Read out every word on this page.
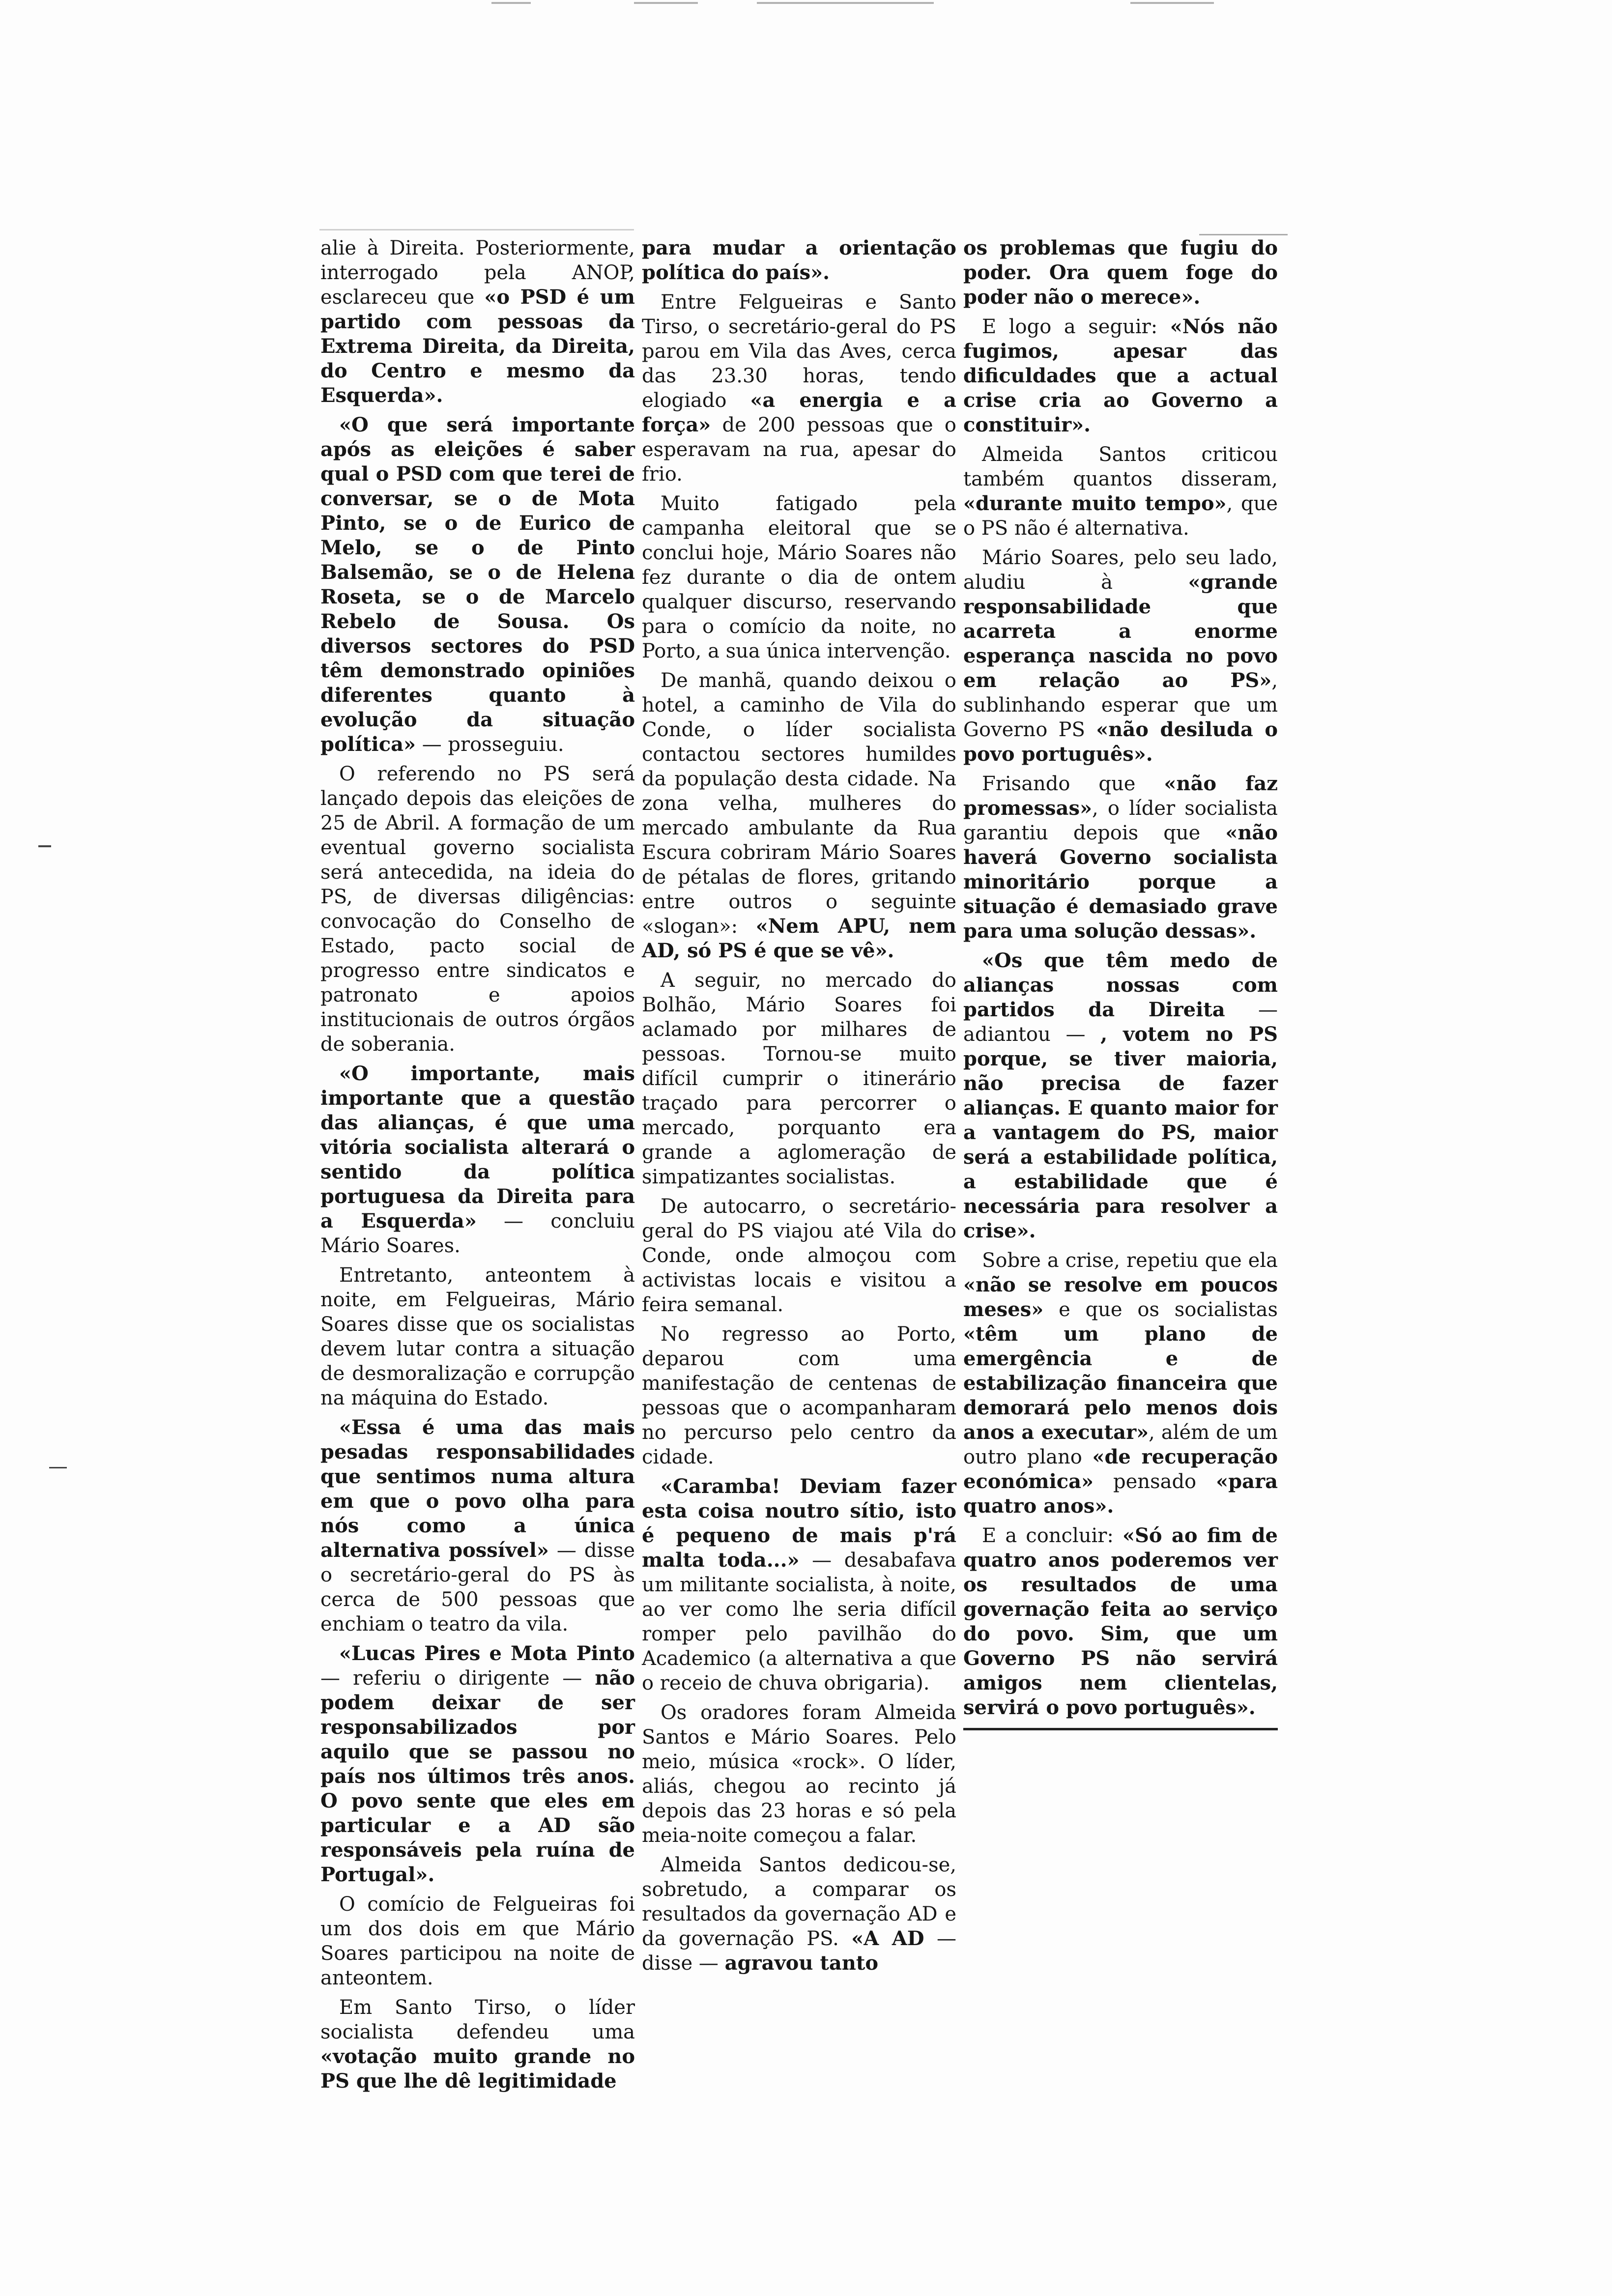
alie à Direita. Posteriormente, interrogado pela ANOP, esclareceu que «o PSD é um partido com pessoas da Extrema Direita, da Direita, do Centro e mesmo da Esquerda».

«O que será importante após as eleições é saber qual o PSD com que terei de conversar, se o de Mota Pinto, se o de Eurico de Melo, se o de Pinto Balsemão, se o de Helena Roseta, se o de Marcelo Rebelo de Sousa. Os diversos sectores do PSD têm demonstrado opiniões diferentes quanto à evolução da situação política» — prosseguiu.

O referendo no PS será lançado depois das eleições de 25 de Abril. A formação de um eventual governo socialista será antecedida, na ideia do PS, de diversas diligências: convocação do Conselho de Estado, pacto social de progresso entre sindicatos e patronato e apoios institucionais de outros órgãos de soberania.

«O importante, mais importante que a questão das alianças, é que uma vitória socialista alterará o sentido da política portuguesa da Direita para a Esquerda» — concluiu Mário Soares.

Entretanto, anteontem à noite, em Felgueiras, Mário Soares disse que os socialistas devem lutar contra a situação de desmoralização e corrupção na máquina do Estado.

«Essa é uma das mais pesadas responsabilidades que sentimos numa altura em que o povo olha para nós como a única alternativa possível» — disse o secretário-geral do PS às cerca de 500 pessoas que enchiam o teatro da vila.

«Lucas Pires e Mota Pinto — referiu o dirigente — não podem deixar de ser responsabilizados por aquilo que se passou no país nos últimos três anos. O povo sente que eles em particular e a AD são responsáveis pela ruína de Portugal».

O comício de Felgueiras foi um dos dois em que Mário Soares participou na noite de anteontem.

Em Santo Tirso, o líder socialista defendeu uma «votação muito grande no PS que lhe dê legitimidade

para mudar a orientação política do país».

Entre Felgueiras e Santo Tirso, o secretário-geral do PS parou em Vila das Aves, cerca das 23.30 horas, tendo elogiado «a energia e a força» de 200 pessoas que o esperavam na rua, apesar do frio.

Muito fatigado pela campanha eleitoral que se conclui hoje, Mário Soares não fez durante o dia de ontem qualquer discurso, reservando para o comício da noite, no Porto, a sua única intervenção.

De manhã, quando deixou o hotel, a caminho de Vila do Conde, o líder socialista contactou sectores humildes da população desta cidade. Na zona velha, mulheres do mercado ambulante da Rua Escura cobriram Mário Soares de pétalas de flores, gritando entre outros o seguinte «slogan»: «Nem APU, nem AD, só PS é que se vê».

A seguir, no mercado do Bolhão, Mário Soares foi aclamado por milhares de pessoas. Tornou-se muito difícil cumprir o itinerário traçado para percorrer o mercado, porquanto era grande a aglomeração de simpatizantes socialistas.

De autocarro, o secretário-geral do PS viajou até Vila do Conde, onde almoçou com activistas locais e visitou a feira semanal.

No regresso ao Porto, deparou com uma manifestação de centenas de pessoas que o acompanharam no percurso pelo centro da cidade.

«Caramba! Deviam fazer esta coisa noutro sítio, isto é pequeno de mais p'rá malta toda...» — desabafava um militante socialista, à noite, ao ver como lhe seria difícil romper pelo pavilhão do Academico (a alternativa a que o receio de chuva obrigaria).

Os oradores foram Almeida Santos e Mário Soares. Pelo meio, música «rock». O líder, aliás, chegou ao recinto já depois das 23 horas e só pela meia-noite começou a falar.

Almeida Santos dedicou-se, sobretudo, a comparar os resultados da governação AD e da governação PS. «A AD — disse — agravou tanto

os problemas que fugiu do poder. Ora quem foge do poder não o merece».

E logo a seguir: «Nós não fugimos, apesar das dificuldades que a actual crise cria ao Governo a constituir».

Almeida Santos criticou também quantos disseram, «durante muito tempo», que o PS não é alternativa.

Mário Soares, pelo seu lado, aludiu à «grande responsabilidade que acarreta a enorme esperança nascida no povo em relação ao PS», sublinhando esperar que um Governo PS «não desiluda o povo português».

Frisando que «não faz promessas», o líder socialista garantiu depois que «não haverá Governo socialista minoritário porque a situação é demasiado grave para uma solução dessas».

«Os que têm medo de alianças nossas com partidos da Direita — adiantou — , votem no PS porque, se tiver maioria, não precisa de fazer alianças. E quanto maior for a vantagem do PS, maior será a estabilidade política, a estabilidade que é necessária para resolver a crise».

Sobre a crise, repetiu que ela «não se resolve em poucos meses» e que os socialistas «têm um plano de emergência e de estabilização financeira que demorará pelo menos dois anos a executar», além de um outro plano «de recuperação económica» pensado «para quatro anos».

E a concluir: «Só ao fim de quatro anos poderemos ver os resultados de uma governação feita ao serviço do povo. Sim, que um Governo PS não servirá amigos nem clientelas, servirá o povo português».
